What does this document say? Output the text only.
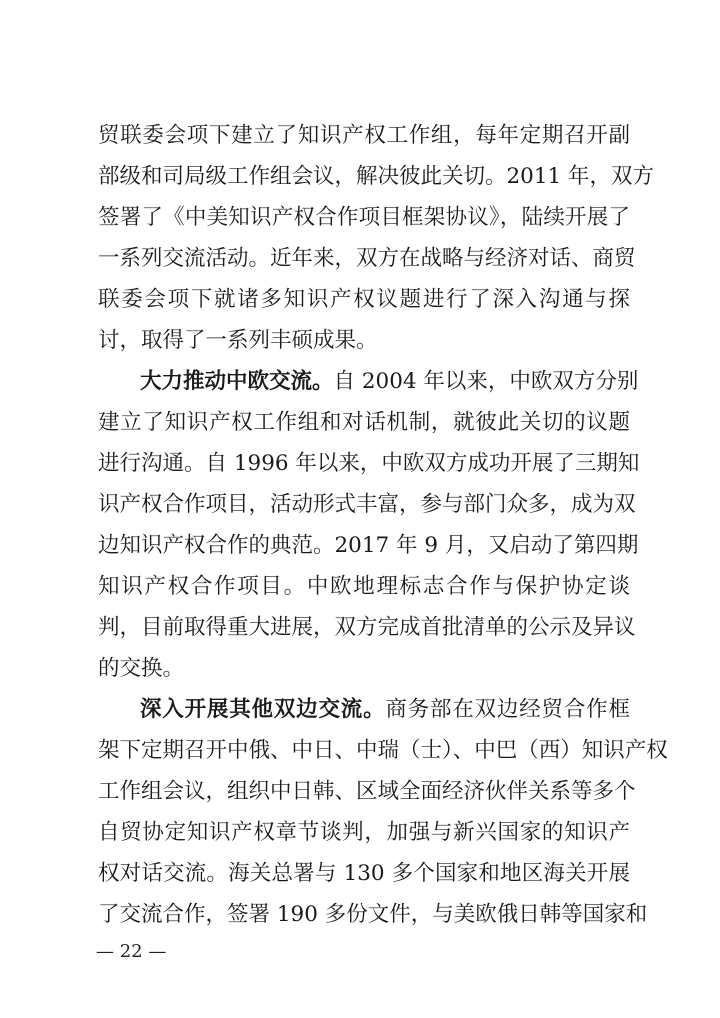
贸联委会项下建立了知识产权工作组，每年定期召开副
部级和司局级工作组会议，解决彼此关切。2011 年，双方
签署了《中美知识产权合作项目框架协议》，陆续开展了
一系列交流活动。近年来，双方在战略与经济对话、商贸
联委会项下就诸多知识产权议题进行了深入沟通与探
讨，取得了一系列丰硕成果。
大力推动中欧交流。自 2004 年以来，中欧双方分别
建立了知识产权工作组和对话机制，就彼此关切的议题
进行沟通。自 1996 年以来，中欧双方成功开展了三期知
识产权合作项目，活动形式丰富，参与部门众多，成为双
边知识产权合作的典范。2017 年 9 月，又启动了第四期
知识产权合作项目。中欧地理标志合作与保护协定谈
判，目前取得重大进展，双方完成首批清单的公示及异议
的交换。
深入开展其他双边交流。商务部在双边经贸合作框
架下定期召开中俄、中日、中瑞（士）、中巴（西）知识产权
工作组会议，组织中日韩、区域全面经济伙伴关系等多个
自贸协定知识产权章节谈判，加强与新兴国家的知识产
权对话交流。海关总署与 130 多个国家和地区海关开展
了交流合作，签署 190 多份文件，与美欧俄日韩等国家和
— 22 —
